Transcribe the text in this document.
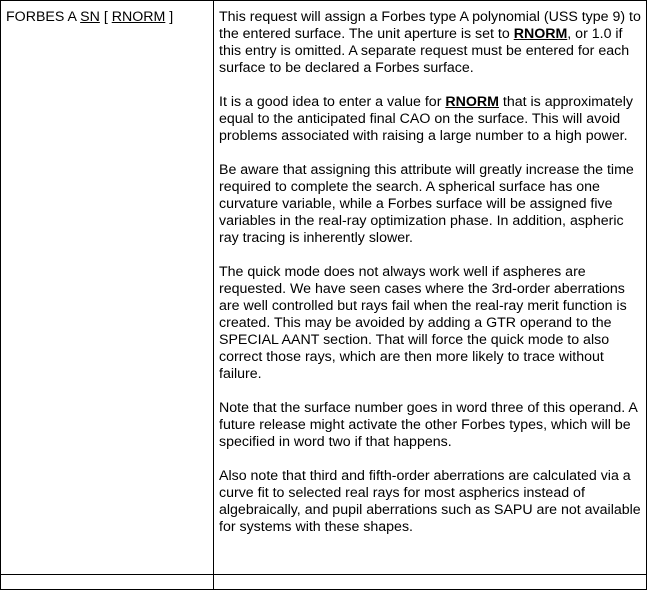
FORBES A SN [ RNORM ]	This request will assign a Forbes type A polynomial (USS type 9) to the entered surface. The unit aperture is set to RNORM, or 1.0 if this entry is omitted. A separate request must be entered for each surface to be declared a Forbes surface.

It is a good idea to enter a value for RNORM that is approximately equal to the anticipated final CAO on the surface. This will avoid problems associated with raising a large number to a high power.

Be aware that assigning this attribute will greatly increase the time required to complete the search. A spherical surface has one curvature variable, while a Forbes surface will be assigned five variables in the real-ray optimization phase. In addition, aspheric ray tracing is inherently slower.

The quick mode does not always work well if aspheres are requested. We have seen cases where the 3rd-order aberrations are well controlled but rays fail when the real-ray merit function is created. This may be avoided by adding a GTR operand to the SPECIAL AANT section. That will force the quick mode to also correct those rays, which are then more likely to trace without failure.

Note that the surface number goes in word three of this operand. A future release might activate the other Forbes types, which will be specified in word two if that happens.

Also note that third and fifth-order aberrations are calculated via a curve fit to selected real rays for most aspherics instead of algebraically, and pupil aberrations such as SAPU are not available for systems with these shapes.
